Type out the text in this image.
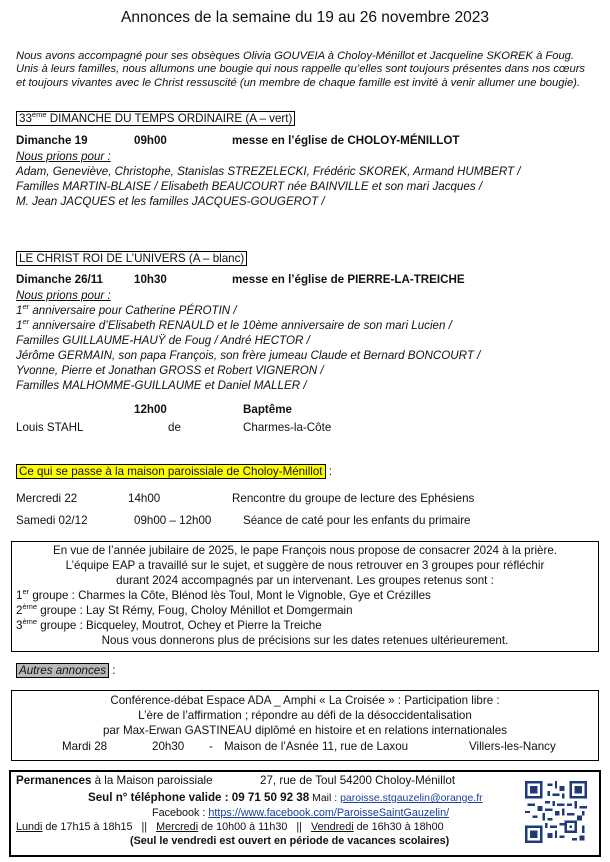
Annonces de la semaine du 19 au 26 novembre 2023
Nous avons accompagné pour ses obsèques Olivia GOUVEIA à Choloy-Ménillot et Jacqueline SKOREK à Foug. Unis à leurs familles, nous allumons une bougie qui nous rappelle qu’elles sont toujours présentes dans nos cœurs et toujours vivantes avec le Christ ressuscité (un membre de chaque famille est invité à venir allumer une bougie).
33ème DIMANCHE DU TEMPS ORDINAIRE (A – vert)
Dimanche 19	09h00	messe en l’église de CHOLOY-MÉNILLOT
Nous prions pour :
Adam, Geneviève, Christophe, Stanislas STREZELECKI, Frédéric SKOREK, Armand HUMBERT /
Familles MARTIN-BLAISE / Elisabeth BEAUCOURT née BAINVILLE et son mari Jacques /
M. Jean JACQUES et les familles JACQUES-GOUGEROT /
LE CHRIST ROI DE L’UNIVERS (A – blanc)
Dimanche 26/11	10h30	messe en l’église de PIERRE-LA-TREICHE
Nous prions pour :
1er anniversaire pour Catherine PÉROTIN /
1er anniversaire d’Elisabeth RENAULD et le 10ème anniversaire de son mari Lucien /
Familles GUILLAUME-HAUŸ de Foug / André HECTOR /
Jérôme GERMAIN, son papa François, son frère jumeau Claude et Bernard BONCOURT /
Yvonne, Pierre et Jonathan GROSS et Robert VIGNERON /
Familles MALHOMME-GUILLAUME et Daniel MALLER /
12h00	Baptême
Louis STAHL	de	Charmes-la-Côte
Ce qui se passe à la maison paroissiale de Choloy-Ménillot :
Mercredi 22	14h00	Rencontre du groupe de lecture des Ephésiens
Samedi 02/12	09h00 – 12h00	Séance de caté pour les enfants du primaire
En vue de l’année jubilaire de 2025, le pape François nous propose de consacrer 2024 à la prière.
L’équipe EAP a travaillé sur le sujet, et suggère de nous retrouver en 3 groupes pour réfléchir
durant 2024 accompagnés par un intervenant. Les groupes retenus sont :
1er groupe : Charmes la Côte, Blénod lès Toul, Mont le Vignoble, Gye et Crézilles
2ème groupe : Lay St Rémy, Foug, Choloy Ménillot et Domgermain
3ème groupe : Bicqueley, Moutrot, Ochey et Pierre la Treiche
Nous vous donnerons plus de précisions sur les dates retenues ultérieurement.
Autres annonces :
Conférence-débat Espace ADA _ Amphi « La Croisée » : Participation libre :
L’ère de l’affirmation ; répondre au défi de la désoccidentalisation
par Max-Erwan GASTINEAU diplômé en histoire et en relations internationales
Mardi 28	20h30 - Maison de l’Asnée 11, rue de Laxou	Villers-les-Nancy
Permanences à la Maison paroissiale	27, rue de Toul 54200 Choloy-Ménillot
Seul n° téléphone valide : 09 71 50 92 38 Mail : paroisse.stgauzelin@orange.fr
Facebook : https://www.facebook.com/ParoisseSaintGauzelin/
Lundi de 17h15 à 18h15 || Mercredi de 10h00 à 11h30 || Vendredi de 16h30 à 18h00
(Seul le vendredi est ouvert en période de vacances scolaires)
